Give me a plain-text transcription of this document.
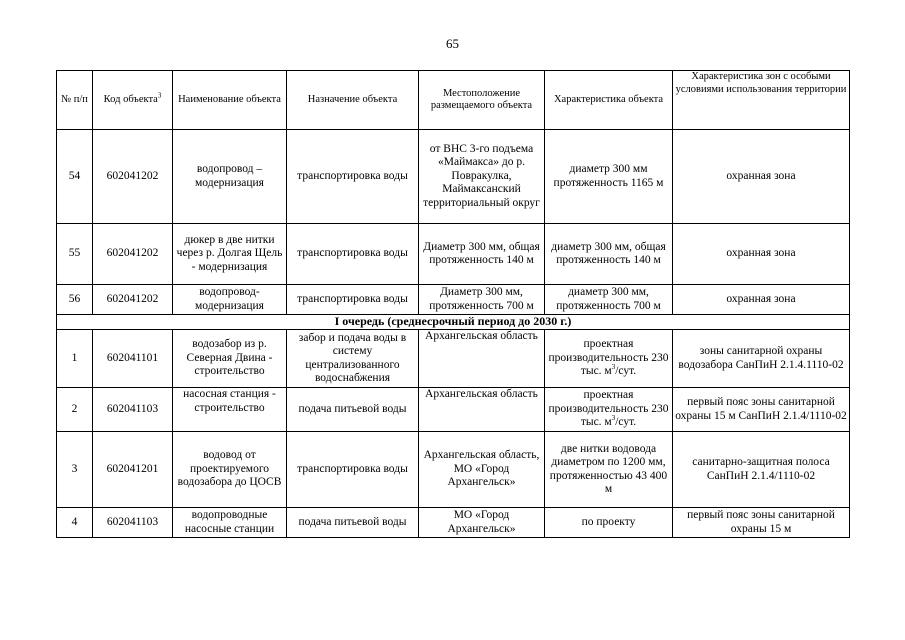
65
№ п/п	Код объекта$^3$	Наименование объекта	Назначение объекта	Местоположение размещаемого объекта	Характеристика объекта	Характеристика зон с особыми условиями использования территории
54	602041202	водопровод – модернизация	транспортировка воды	от ВНС 3-го подъема «Маймакса» до р. Повракулка, Маймаксанский территориальный округ	диаметр 300 мм протяженность 1165 м	охранная зона
55	602041202	дюкер в две нитки через р. Долгая Щель - модернизация	транспортировка воды	Диаметр 300 мм, общая протяженность 140 м	диаметр 300 мм, общая протяженность 140 м	охранная зона
56	602041202	водопровод-модернизация	транспортировка воды	Диаметр 300 мм, протяженность 700 м	диаметр 300 мм, протяженность 700 м	охранная зона
I очередь (среднесрочный период до 2030 г.)						
1	602041101	водозабор из р. Северная Двина - строительство	забор и подача воды в систему централизованного водоснабжения	Архангельская область	проектная производительность 230 тыс. $м^3$/сут.	зоны санитарной охраны водозабора СанПиН 2.1.4.1110-02
2	602041103	насосная станция - строительство	подача питьевой воды	Архангельская область	проектная производительность 230 тыс. $м^3$/сут.	первый пояс зоны санитарной охраны 15 м СанПиН 2.1.4/1110-02
3	602041201	водовод от проектируемого водозабора до ЦОСВ	транспортировка воды	Архангельская область, МО «Город Архангельск»	две нитки водовода диаметром по 1200 мм, протяженностью 43 400 м	санитарно-защитная полоса СанПиН 2.1.4/1110-02
4	602041103	водопроводные насосные станции	подача питьевой воды	МО «Город Архангельск»	по проекту	первый пояс зоны санитарной охраны 15 м
